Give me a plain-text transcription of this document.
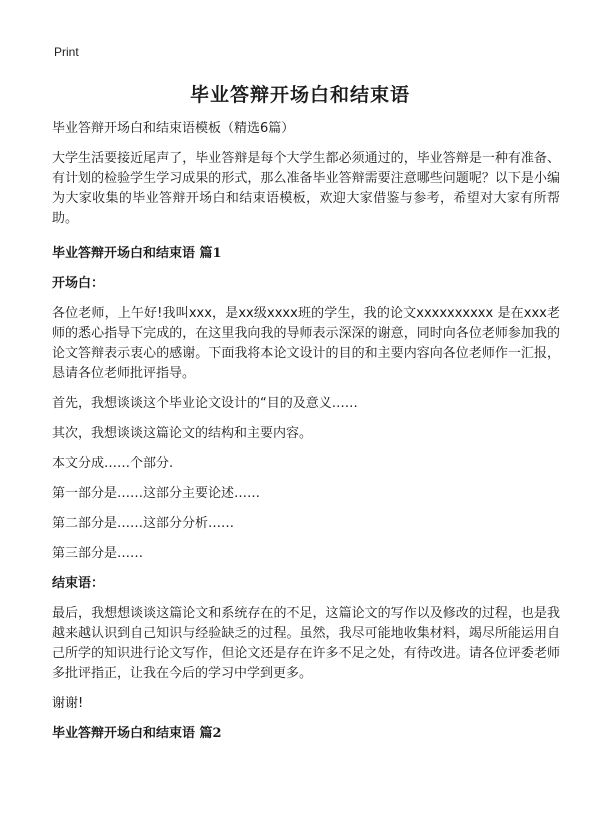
Print
毕业答辩开场白和结束语

毕业答辩开场白和结束语模板（精选6篇）

大学生活要接近尾声了，毕业答辩是每个大学生都必须通过的，毕业答辩是一种有准备、有计划的检验学生学习成果的形式，那么准备毕业答辩需要注意哪些问题呢？以下是小编为大家收集的毕业答辩开场白和结束语模板，欢迎大家借鉴与参考，希望对大家有所帮助。

毕业答辩开场白和结束语 篇1

开场白：

各位老师，上午好!我叫xxx，是xx级xxxx班的学生，我的论文xxxxxxxxxx 是在xxx老师的悉心指导下完成的，在这里我向我的导师表示深深的谢意，同时向各位老师参加我的论文答辩表示衷心的感谢。下面我将本论文设计的目的和主要内容向各位老师作一汇报，恳请各位老师批评指导。

首先，我想谈谈这个毕业论文设计的“目的及意义……

其次，我想谈谈这篇论文的结构和主要内容。

本文分成……个部分.

第一部分是……这部分主要论述……

第二部分是……这部分分析……

第三部分是……

结束语：

最后，我想想谈谈这篇论文和系统存在的不足，这篇论文的写作以及修改的过程，也是我越来越认识到自己知识与经验缺乏的过程。虽然，我尽可能地收集材料，竭尽所能运用自己所学的知识进行论文写作，但论文还是存在许多不足之处，有待改进。请各位评委老师多批评指正，让我在今后的学习中学到更多。

谢谢!

毕业答辩开场白和结束语 篇2
